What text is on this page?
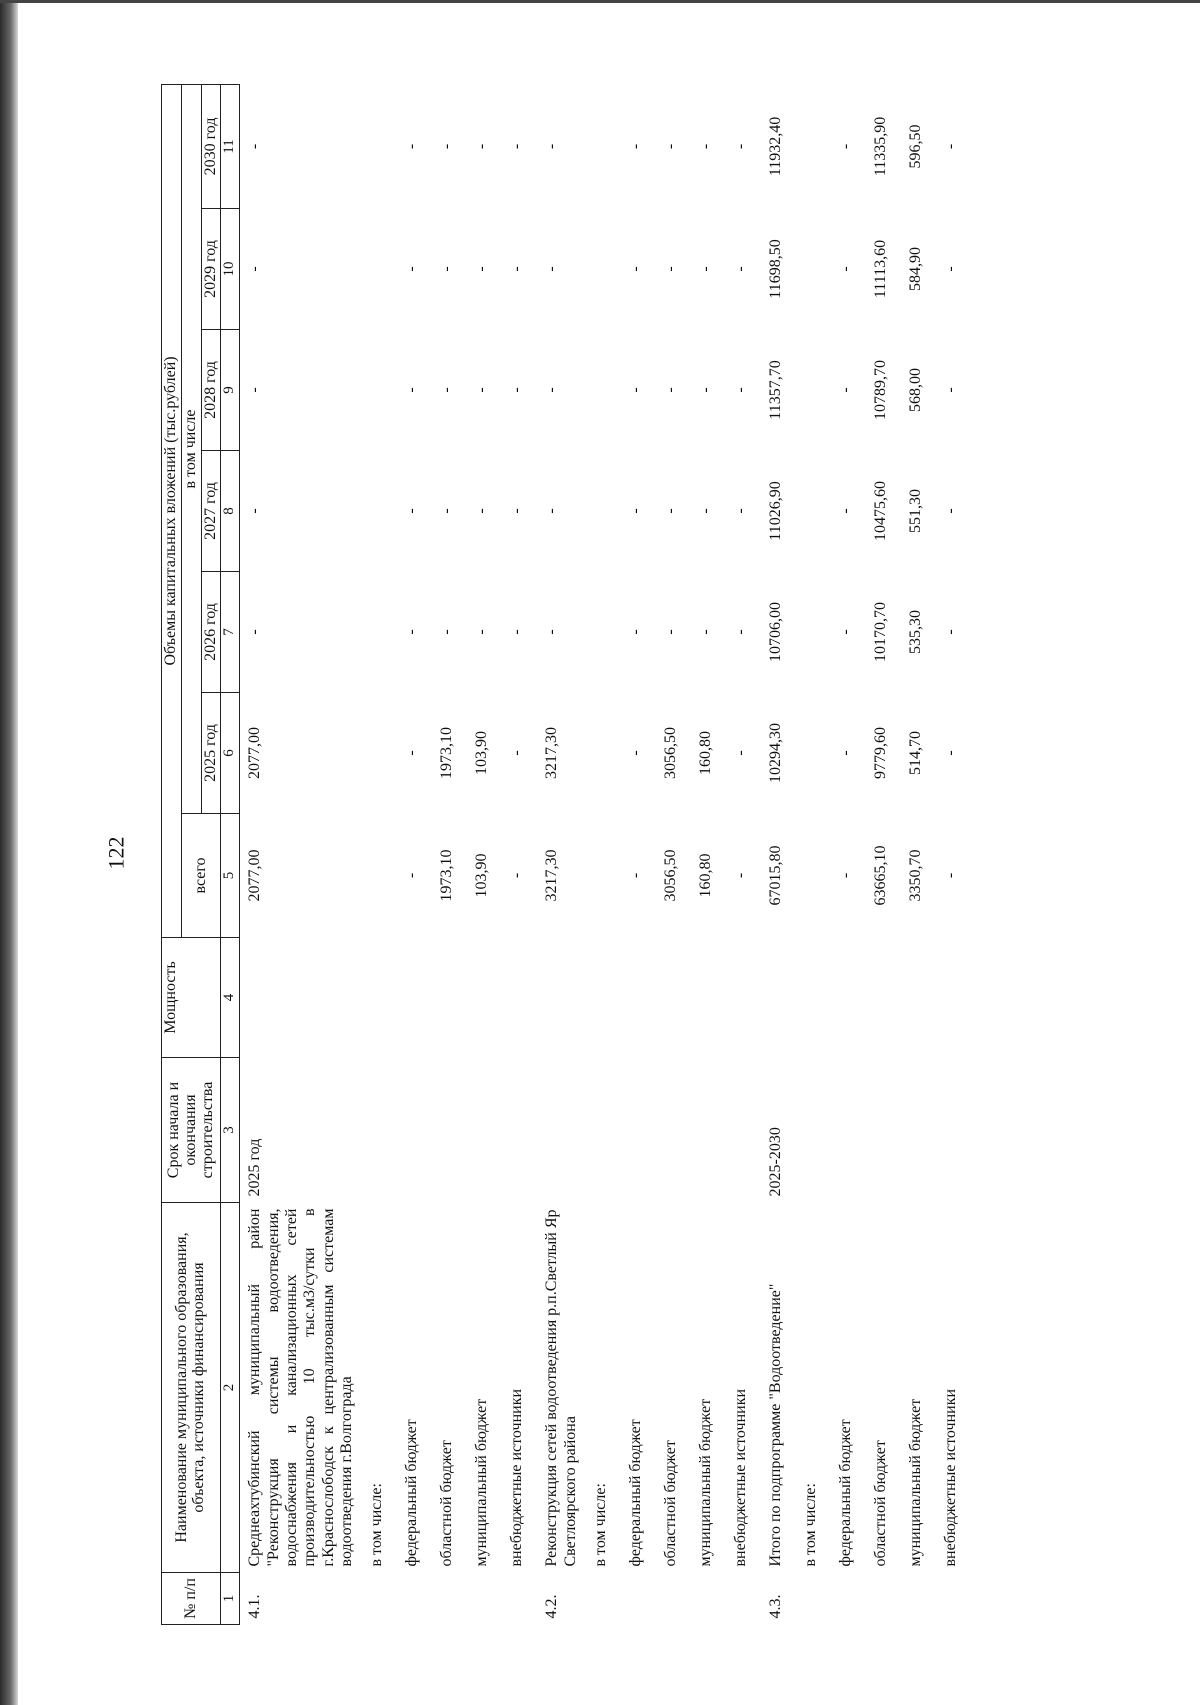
122
№ п/п	Наименование муниципального образования, объекта, источники финансирования	Срок начала и окончания строительства	Мощность	Объемы капитальных вложений (тыс.рублей)						
				всего	в том числе					
					2025 год	2026 год	2027 год	2028 год	2029 год	2030 год
1	2	3	4	5	6	7	8	9	10	11
4.1.	Среднеахтубинский муниципальный район "Реконструкция системы водоотведения, водоснабжения и канализационных сетей производительностью 10 тыс.м3/сутки в г.Краснослободск к централизованным системам водоотведения г.Волгограда	2025 год		2077,00	2077,00	-	-	-	-	-
	в том числе:									
	федеральный бюджет			-	-	-	-	-	-	-
	областной бюджет			1973,10	1973,10	-	-	-	-	-
	муниципальный бюджет			103,90	103,90	-	-	-	-	-
	внебюджетные источники			-	-	-	-	-	-	-
4.2.	Реконструкция сетей водоотведения р.п.Светлый Яр Светлоярского района			3217,30	3217,30	-	-	-	-	-
	в том числе:									
	федеральный бюджет			-	-	-	-	-	-	-
	областной бюджет			3056,50	3056,50	-	-	-	-	-
	муниципальный бюджет			160,80	160,80	-	-	-	-	-
	внебюджетные источники			-	-	-	-	-	-	-
4.3.	Итого по подпрограмме "Водоотведение"	2025-2030		67015,80	10294,30	10706,00	11026,90	11357,70	11698,50	11932,40
	в том числе:									
	федеральный бюджет			-	-	-	-	-	-	-
	областной бюджет			63665,10	9779,60	10170,70	10475,60	10789,70	11113,60	11335,90
	муниципальный бюджет			3350,70	514,70	535,30	551,30	568,00	584,90	596,50
	внебюджетные источники			-	-	-	-	-	-	-
